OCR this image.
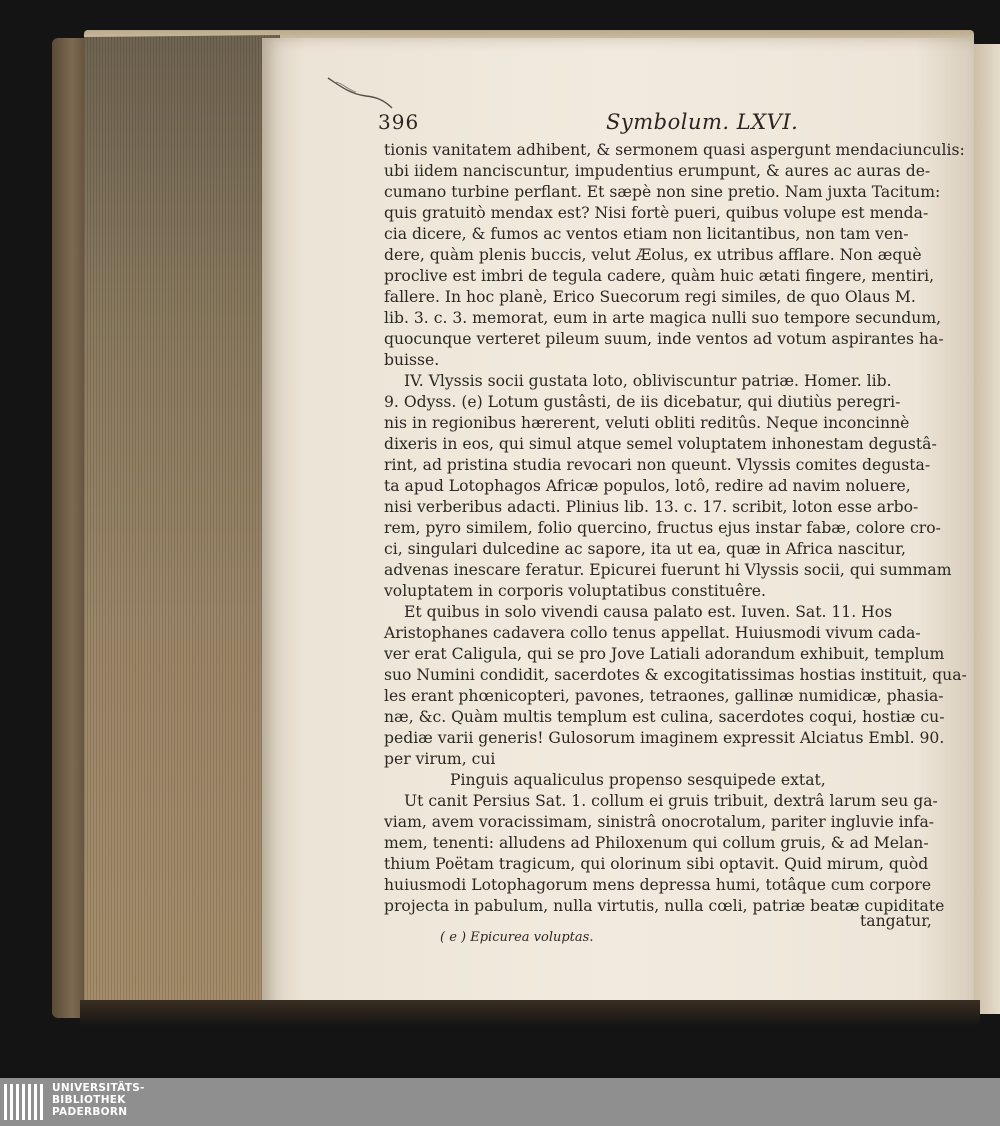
396	Symbolum. LXVI.
tionis vanitatem adhibent, & sermonem quasi aspergunt mendaciunculis:
ubi iidem nanciscuntur, impudentius erumpunt, & aures ac auras de-
cumano turbine perflant. Et sæpè non sine pretio. Nam juxta Tacitum:
quis gratuitò mendax est? Nisi fortè pueri, quibus volupe est menda-
cia dicere, & fumos ac ventos etiam non licitantibus, non tam ven-
dere, quàm plenis buccis, velut Æolus, ex utribus afflare. Non æquè
proclive est imbri de tegula cadere, quàm huic ætati fingere, mentiri,
fallere. In hoc planè, Erico Suecorum regi similes, de quo Olaus M.
lib. 3. c. 3. memorat, eum in arte magica nulli suo tempore secundum,
quocunque verteret pileum suum, inde ventos ad votum aspirantes ha-
buisse.
IV. Vlyssis socii gustata loto, obliviscuntur patriæ. Homer. lib.
9. Odyss. (e) Lotum gustâsti, de iis dicebatur, qui diutiùs peregri-
nis in regionibus hærerent, veluti obliti reditûs. Neque inconcinnè
dixeris in eos, qui simul atque semel voluptatem inhonestam degustâ-
rint, ad pristina studia revocari non queunt. Vlyssis comites degusta-
ta apud Lotophagos Africæ populos, lotô, redire ad navim noluere,
nisi verberibus adacti. Plinius lib. 13. c. 17. scribit, loton esse arbo-
rem, pyro similem, folio quercino, fructus ejus instar fabæ, colore cro-
ci, singulari dulcedine ac sapore, ita ut ea, quæ in Africa nascitur,
advenas inescare feratur. Epicurei fuerunt hi Vlyssis socii, qui summam
voluptatem in corporis voluptatibus constituêre.
Et quibus in solo vivendi causa palato est. Iuven. Sat. 11. Hos
Aristophanes cadavera collo tenus appellat. Huiusmodi vivum cada-
ver erat Caligula, qui se pro Jove Latiali adorandum exhibuit, templum
suo Numini condidit, sacerdotes & excogitatissimas hostias instituit, qua-
les erant phœnicopteri, pavones, tetraones, gallinæ numidicæ, phasia-
næ, &c. Quàm multis templum est culina, sacerdotes coqui, hostiæ cu-
pediæ varii generis! Gulosorum imaginem expressit Alciatus Embl. 90.
per virum, cui
Pinguis aqualiculus propenso sesquipede extat,
Ut canit Persius Sat. 1. collum ei gruis tribuit, dextrâ larum seu ga-
viam, avem voracissimam, sinistrâ onocrotalum, pariter ingluvie infa-
mem, tenenti: alludens ad Philoxenum qui collum gruis, & ad Melan-
thium Poëtam tragicum, qui olorinum sibi optavit. Quid mirum, quòd
huiusmodi Lotophagorum mens depressa humi, totâque cum corpore
projecta in pabulum, nulla virtutis, nulla cœli, patriæ beatæ cupiditate
tangatur,
( e ) Epicurea voluptas.
UNIVERSITÄTS-
BIBLIOTHEK
PADERBORN
